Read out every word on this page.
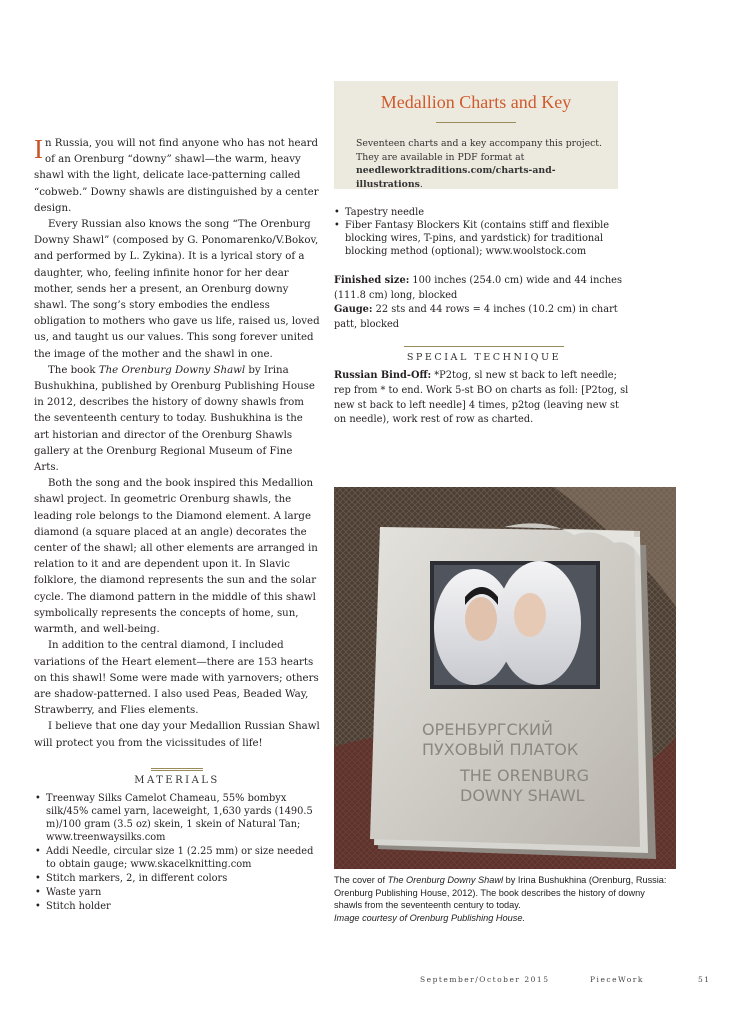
In Russia, you will not find anyone who has not heard of an Orenburg “downy” shawl—the warm, heavy shawl with the light, delicate lace-patterning called “cobweb.” Downy shawls are distinguished by a center design.

Every Russian also knows the song “The Orenburg Downy Shawl” (composed by G. Ponomarenko/V.Bokov, and performed by L. Zykina). It is a lyrical story of a daughter, who, feeling infinite honor for her dear mother, sends her a present, an Orenburg downy shawl. The song’s story embodies the endless obligation to mothers who gave us life, raised us, loved us, and taught us our values. This song forever united the image of the mother and the shawl in one.

The book The Orenburg Downy Shawl by Irina Bushukhina, published by Orenburg Publishing House in 2012, describes the history of downy shawls from the seventeenth century to today. Bushukhina is the art historian and director of the Orenburg Shawls gallery at the Orenburg Regional Museum of Fine Arts.

Both the song and the book inspired this Medallion shawl project. In geometric Orenburg shawls, the leading role belongs to the Diamond element. A large diamond (a square placed at an angle) decorates the center of the shawl; all other elements are arranged in relation to it and are dependent upon it. In Slavic folklore, the diamond represents the sun and the solar cycle. The diamond pattern in the middle of this shawl symbolically represents the concepts of home, sun, warmth, and well-being.

In addition to the central diamond, I included variations of the Heart element—there are 153 hearts on this shawl! Some were made with yarnovers; others are shadow-patterned. I also used Peas, Beaded Way, Strawberry, and Flies elements.

I believe that one day your Medallion Russian Shawl will protect you from the vicissitudes of life!

MATERIALS
• Treenway Silks Camelot Chameau, 55% bombyx silk/45% camel yarn, laceweight, 1,630 yards (1490.5 m)/100 gram (3.5 oz) skein, 1 skein of Natural Tan; www.treenwaysilks.com
• Addi Needle, circular size 1 (2.25 mm) or size needed to obtain gauge; www.skacelknitting.com
• Stitch markers, 2, in different colors
• Waste yarn
• Stitch holder
Medallion Charts and Key
Seventeen charts and a key accompany this project. They are available in PDF format at needleworktraditions.com/charts-and-illustrations.
• Tapestry needle
• Fiber Fantasy Blockers Kit (contains stiff and flexible blocking wires, T-pins, and yardstick) for traditional blocking method (optional); www.woolstock.com

Finished size: 100 inches (254.0 cm) wide and 44 inches (111.8 cm) long, blocked

Gauge: 22 sts and 44 rows = 4 inches (10.2 cm) in chart patt, blocked

SPECIAL TECHNIQUE

Russian Bind-Off: *P2tog, sl new st back to left needle; rep from * to end. Work 5-st BO on charts as foll: [P2tog, sl new st back to left needle] 4 times, p2tog (leaving new st on needle), work rest of row as charted.

ОРЕНБУРГСКИЙ
ПУХОВЫЙ ПЛАТОК
THE ORENBURG
DOWNY SHAWL
The cover of The Orenburg Downy Shawl by Irina Bushukhina (Orenburg, Russia: Orenburg Publishing House, 2012). The book describes the history of downy shawls from the seventeenth century to today.
Image courtesy of Orenburg Publishing House.
September/October 2015	PieceWork	51
